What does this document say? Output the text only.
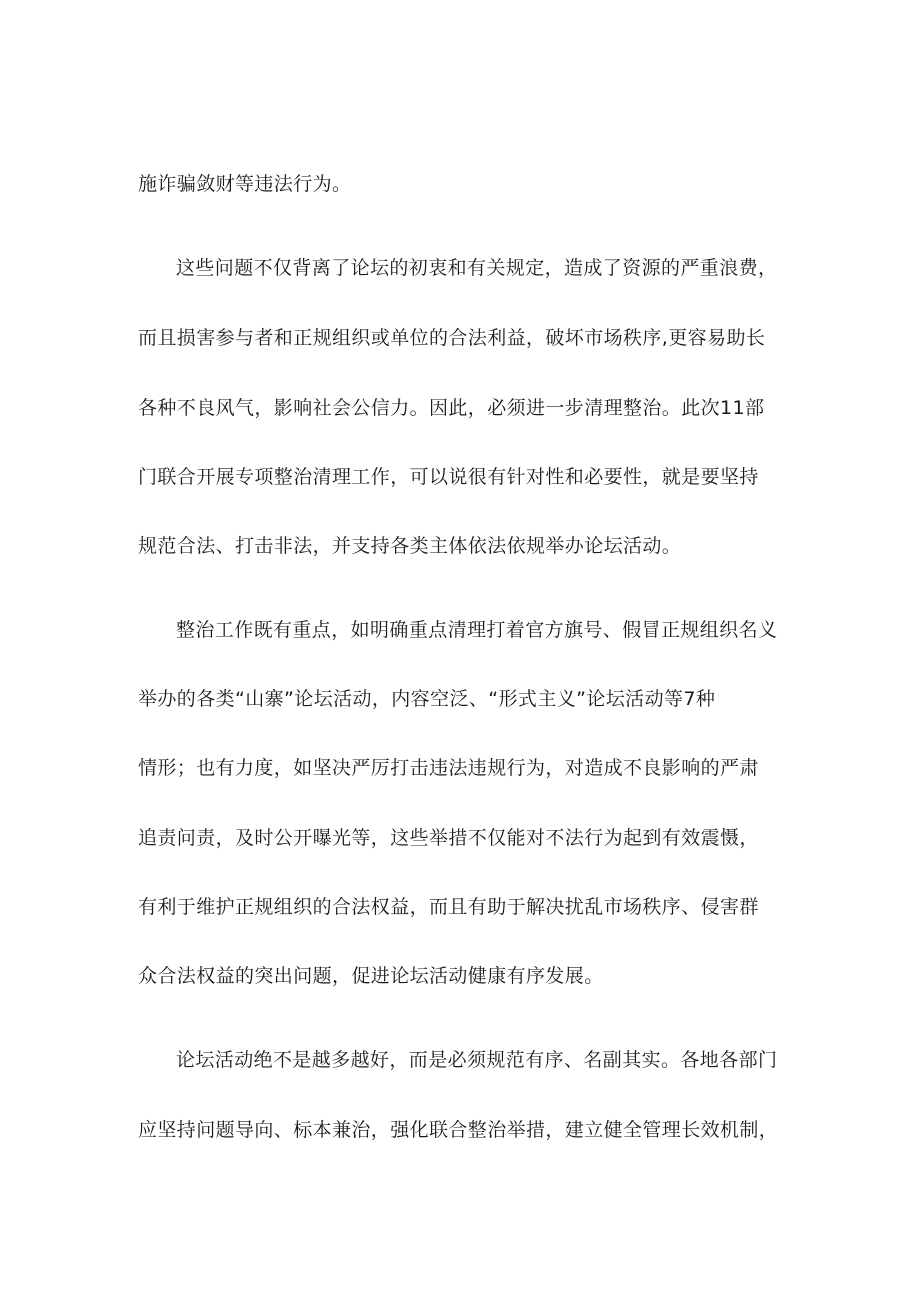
施诈骗敛财等违法行为。
这些问题不仅背离了论坛的初衷和有关规定，造成了资源的严重浪费，
而且损害参与者和正规组织或单位的合法利益，破坏市场秩序,更容易助长
各种不良风气，影响社会公信力。因此，必须进一步清理整治。此次11部
门联合开展专项整治清理工作，可以说很有针对性和必要性，就是要坚持
规范合法、打击非法，并支持各类主体依法依规举办论坛活动。
整治工作既有重点，如明确重点清理打着官方旗号、假冒正规组织名义
举办的各类“山寨”论坛活动，内容空泛、“形式主义”论坛活动等7种
情形；也有力度，如坚决严厉打击违法违规行为，对造成不良影响的严肃
追责问责，及时公开曝光等，这些举措不仅能对不法行为起到有效震慑，
有利于维护正规组织的合法权益，而且有助于解决扰乱市场秩序、侵害群
众合法权益的突出问题，促进论坛活动健康有序发展。
论坛活动绝不是越多越好，而是必须规范有序、名副其实。各地各部门
应坚持问题导向、标本兼治，强化联合整治举措，建立健全管理长效机制，
